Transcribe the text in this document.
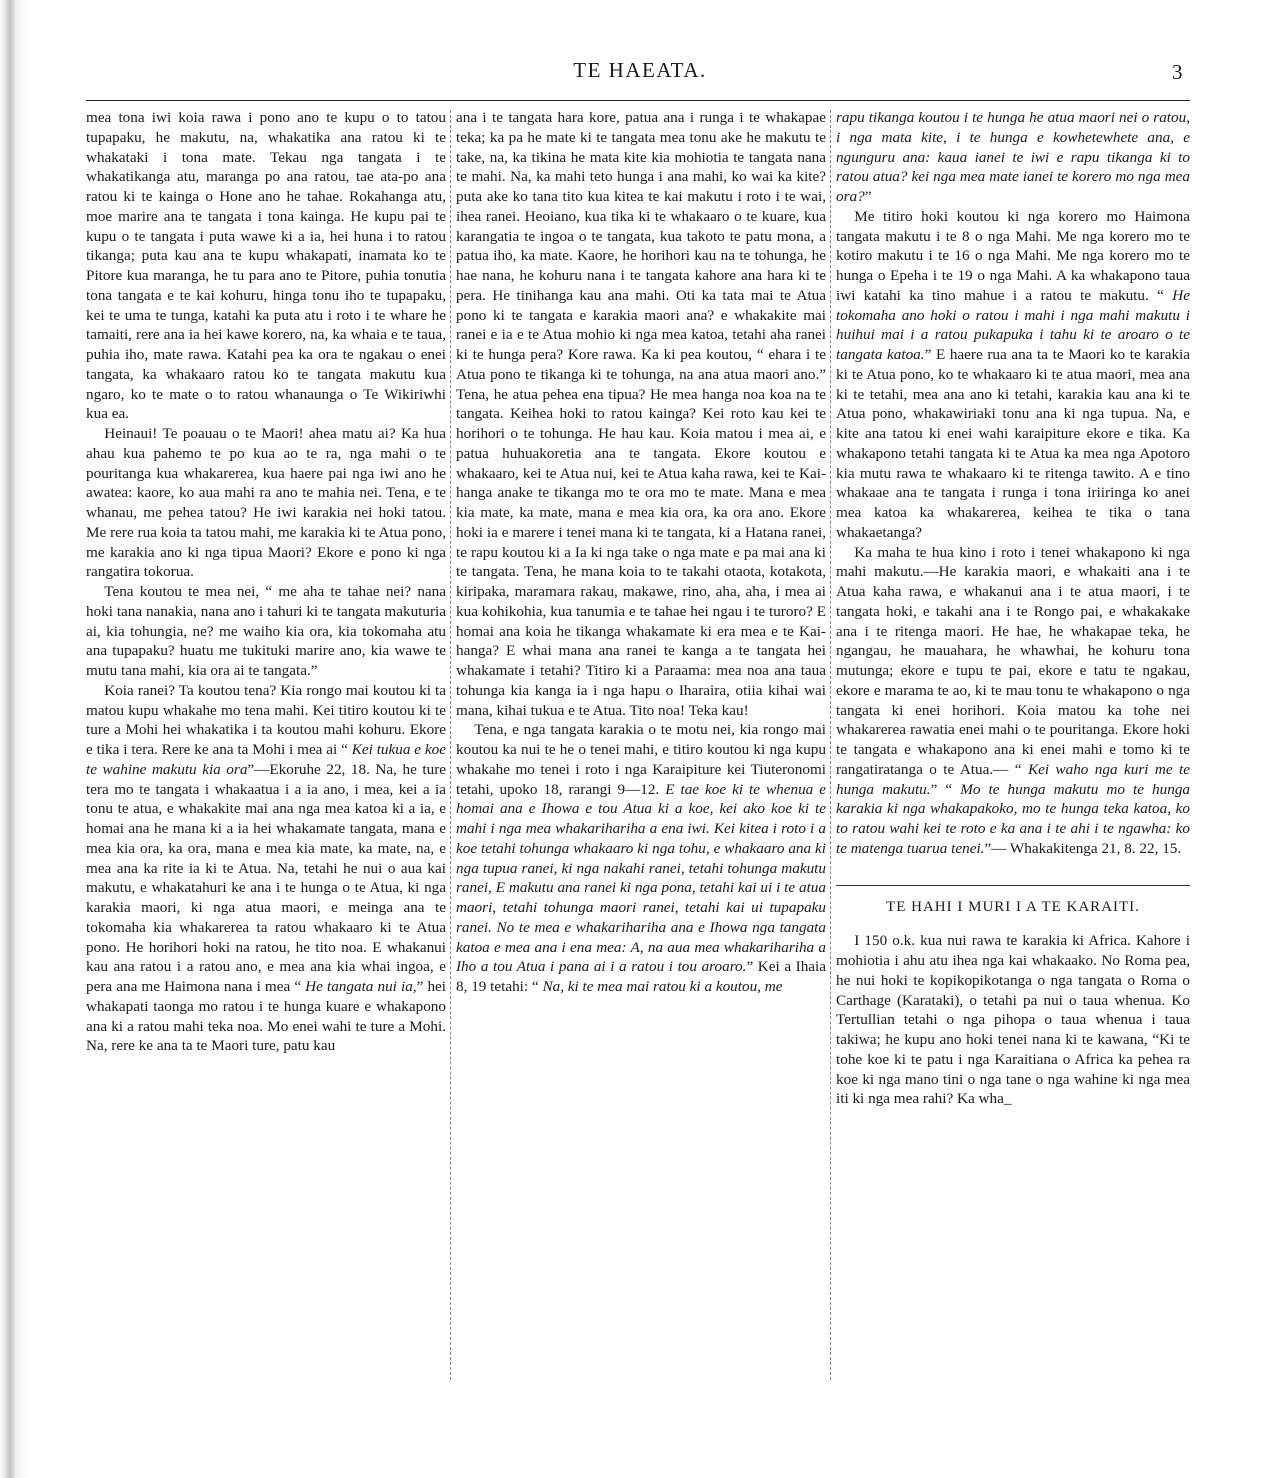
TE HAEATA.	3

mea tona iwi koia rawa i pono ano te kupu o to tatou tupapaku, he makutu, na, whakatika ana ratou ki te whakataki i tona mate. Tekau nga tangata i te whakatikanga atu, maranga po ana ratou, tae ata-po ana ratou ki te kainga o Hone ano he tahae. Rokahanga atu, moe marire ana te tangata i tona kainga. He kupu pai te kupu o te tangata i puta wawe ki a ia, hei huna i to ratou tikanga; puta kau ana te kupu whakapati, inamata ko te Pitore kua maranga, he tu para ano te Pitore, puhia tonutia tona tangata e te kai kohuru, hinga tonu iho te tupapaku, kei te uma te tunga, katahi ka puta atu i roto i te whare he tamaiti, rere ana ia hei kawe korero, na, ka whaia e te taua, puhia iho, mate rawa. Katahi pea ka ora te ngakau o enei tangata, ka whakaaro ratou ko te tangata makutu kua ngaro, ko te mate o to ratou whanaunga o Te Wikiriwhi kua ea.

Heinaui! Te poauau o te Maori! ahea matu ai? Ka hua ahau kua pahemo te po kua ao te ra, nga mahi o te pouritanga kua whakarerea, kua haere pai nga iwi ano he awatea: kaore, ko aua mahi ra ano te mahia nei. Tena, e te whanau, me pehea tatou? He iwi karakia nei hoki tatou. Me rere rua koia ta tatou mahi, me karakia ki te Atua pono, me karakia ano ki nga tipua Maori? Ekore e pono ki nga rangatira tokorua.

Tena koutou te mea nei, “ me aha te tahae nei? nana hoki tana nanakia, nana ano i tahuri ki te tangata makuturia ai, kia tohungia, ne? me waiho kia ora, kia tokomaha atu ana tupapaku? huatu me tukituki marire ano, kia wawe te mutu tana mahi, kia ora ai te tangata.”

Koia ranei? Ta koutou tena? Kia rongo mai koutou ki ta matou kupu whakahe mo tena mahi. Kei titiro koutou ki te ture a Mohi hei whakatika i ta koutou mahi kohuru. Ekore e tika i tera. Rere ke ana ta Mohi i mea ai “ Kei tukua e koe te wahine makutu kia ora”—Ekoruhe 22, 18. Na, he ture tera mo te tangata i whakaatua i a ia ano, i mea, kei a ia tonu te atua, e whakakite mai ana nga mea katoa ki a ia, e homai ana he mana ki a ia hei whakamate tangata, mana e mea kia ora, ka ora, mana e mea kia mate, ka mate, na, e mea ana ka rite ia ki te Atua. Na, tetahi he nui o aua kai makutu, e whakatahuri ke ana i te hunga o te Atua, ki nga karakia maori, ki nga atua maori, e meinga ana te tokomaha kia whakarerea ta ratou whakaaro ki te Atua pono. He horihori hoki na ratou, he tito noa. E whakanui kau ana ratou i a ratou ano, e mea ana kia whai ingoa, e pera ana me Haimona nana i mea “ He tangata nui ia,” hei whakapati taonga mo ratou i te hunga kuare e whakapono ana ki a ratou mahi teka noa. Mo enei wahi te ture a Mohi. Na, rere ke ana ta te Maori ture, patu kau

ana i te tangata hara kore, patua ana i runga i te whakapae teka; ka pa he mate ki te tangata mea tonu ake he makutu te take, na, ka tikina he mata kite kia mohiotia te tangata nana te mahi. Na, ka mahi teto hunga i ana mahi, ko wai ka kite? puta ake ko tana tito kua kitea te kai makutu i roto i te wai, ihea ranei. Heoiano, kua tika ki te whakaaro o te kuare, kua karangatia te ingoa o te tangata, kua takoto te patu mona, a patua iho, ka mate. Kaore, he horihori kau na te tohunga, he hae nana, he kohuru nana i te tangata kahore ana hara ki te pera. He tinihanga kau ana mahi. Oti ka tata mai te Atua pono ki te tangata e karakia maori ana? e whakakite mai ranei e ia e te Atua mohio ki nga mea katoa, tetahi aha ranei ki te hunga pera? Kore rawa. Ka ki pea koutou, “ ehara i te Atua pono te tikanga ki te tohunga, na ana atua maori ano.” Tena, he atua pehea ena tipua? He mea hanga noa koa na te tangata. Keihea hoki to ratou kainga? Kei roto kau kei te horihori o te tohunga. He hau kau. Koia matou i mea ai, e patua huhuakoretia ana te tangata. Ekore koutou e whakaaro, kei te Atua nui, kei te Atua kaha rawa, kei te Kai-hanga anake te tikanga mo te ora mo te mate. Mana e mea kia mate, ka mate, mana e mea kia ora, ka ora ano. Ekore hoki ia e marere i tenei mana ki te tangata, ki a Hatana ranei, te rapu koutou ki a Ia ki nga take o nga mate e pa mai ana ki te tangata. Tena, he mana koia to te takahi otaota, kotakota, kiripaka, maramara rakau, makawe, rino, aha, aha, i mea ai kua kohikohia, kua tanumia e te tahae hei ngau i te turoro? E homai ana koia he tikanga whakamate ki era mea e te Kai-hanga? E whai mana ana ranei te kanga a te tangata hei whakamate i tetahi? Titiro ki a Paraama: mea noa ana taua tohunga kia kanga ia i nga hapu o Iharaira, otiia kihai wai mana, kihai tukua e te Atua. Tito noa! Teka kau!

Tena, e nga tangata karakia o te motu nei, kia rongo mai koutou ka nui te he o tenei mahi, e titiro koutou ki nga kupu whakahe mo tenei i roto i nga Karaipiture kei Tiuteronomi tetahi, upoko 18, rarangi 9—12. E tae koe ki te whenua e homai ana e Ihowa e tou Atua ki a koe, kei ako koe ki te mahi i nga mea whakarihariha a ena iwi. Kei kitea i roto i a koe tetahi tohunga whakaaro ki nga tohu, e whakaaro ana ki nga tupua ranei, ki nga nakahi ranei, tetahi tohunga makutu ranei, E makutu ana ranei ki nga pona, tetahi kai ui i te atua maori, tetahi tohunga maori ranei, tetahi kai ui tupapaku ranei. No te mea e whakarihariha ana e Ihowa nga tangata katoa e mea ana i ena mea: A, na aua mea whakarihariha a Iho a tou Atua i pana ai i a ratou i tou aroaro.” Kei a Ihaia 8, 19 tetahi: “ Na, ki te mea mai ratou ki a koutou, me

rapu tikanga koutou i te hunga he atua maori nei o ratou, i nga mata kite, i te hunga e kowhetewhete ana, e ngunguru ana: kaua ianei te iwi e rapu tikanga ki to ratou atua? kei nga mea mate ianei te korero mo nga mea ora?”

Me titiro hoki koutou ki nga korero mo Haimona tangata makutu i te 8 o nga Mahi. Me nga korero mo te kotiro makutu i te 16 o nga Mahi. Me nga korero mo te hunga o Epeha i te 19 o nga Mahi. A ka whakapono taua iwi katahi ka tino mahue i a ratou te makutu. “ He tokomaha ano hoki o ratou i mahi i nga mahi makutu i huihui mai i a ratou pukapuka i tahu ki te aroaro o te tangata katoa.” E haere rua ana ta te Maori ko te karakia ki te Atua pono, ko te whakaaro ki te atua maori, mea ana ki te tetahi, mea ana ano ki tetahi, karakia kau ana ki te Atua pono, whakawiriaki tonu ana ki nga tupua. Na, e kite ana tatou ki enei wahi karaipiture ekore e tika. Ka whakapono tetahi tangata ki te Atua ka mea nga Apotoro kia mutu rawa te whakaaro ki te ritenga tawito. A e tino whakaae ana te tangata i runga i tona iriiringa ko anei mea katoa ka whakarerea, keihea te tika o tana whakaetanga?

Ka maha te hua kino i roto i tenei whakapono ki nga mahi makutu.—He karakia maori, e whakaiti ana i te Atua kaha rawa, e whakanui ana i te atua maori, i te tangata hoki, e takahi ana i te Rongo pai, e whakakake ana i te ritenga maori. He hae, he whakapae teka, he ngangau, he mauahara, he whawhai, he kohuru tona mutunga; ekore e tupu te pai, ekore e tatu te ngakau, ekore e marama te ao, ki te mau tonu te whakapono o nga tangata ki enei horihori. Koia matou ka tohe nei whakarerea rawatia enei mahi o te pouritanga. Ekore hoki te tangata e whakapono ana ki enei mahi e tomo ki te rangatiratanga o te Atua.— “ Kei waho nga kuri me te hunga makutu.” “ Mo te hunga makutu mo te hunga karakia ki nga whakapakoko, mo te hunga teka katoa, ko to ratou wahi kei te roto e ka ana i te ahi i te ngawha: ko te matenga tuarua tenei.”— Whakakitenga 21, 8. 22, 15.

TE HAHI I MURI I A TE KARAITI.

I 150 o.k. kua nui rawa te karakia ki Africa. Kahore i mohiotia i ahu atu ihea nga kai whakaako. No Roma pea, he nui hoki te kopikopikotanga o nga tangata o Roma o Carthage (Karataki), o tetahi pa nui o taua whenua. Ko Tertullian tetahi o nga pihopa o taua whenua i taua takiwa; he kupu ano hoki tenei nana ki te kawana, “Ki te tohe koe ki te patu i nga Karaitiana o Africa ka pehea ra koe ki nga mano tini o nga tane o nga wahine ki nga mea iti ki nga mea rahi? Ka wha_
